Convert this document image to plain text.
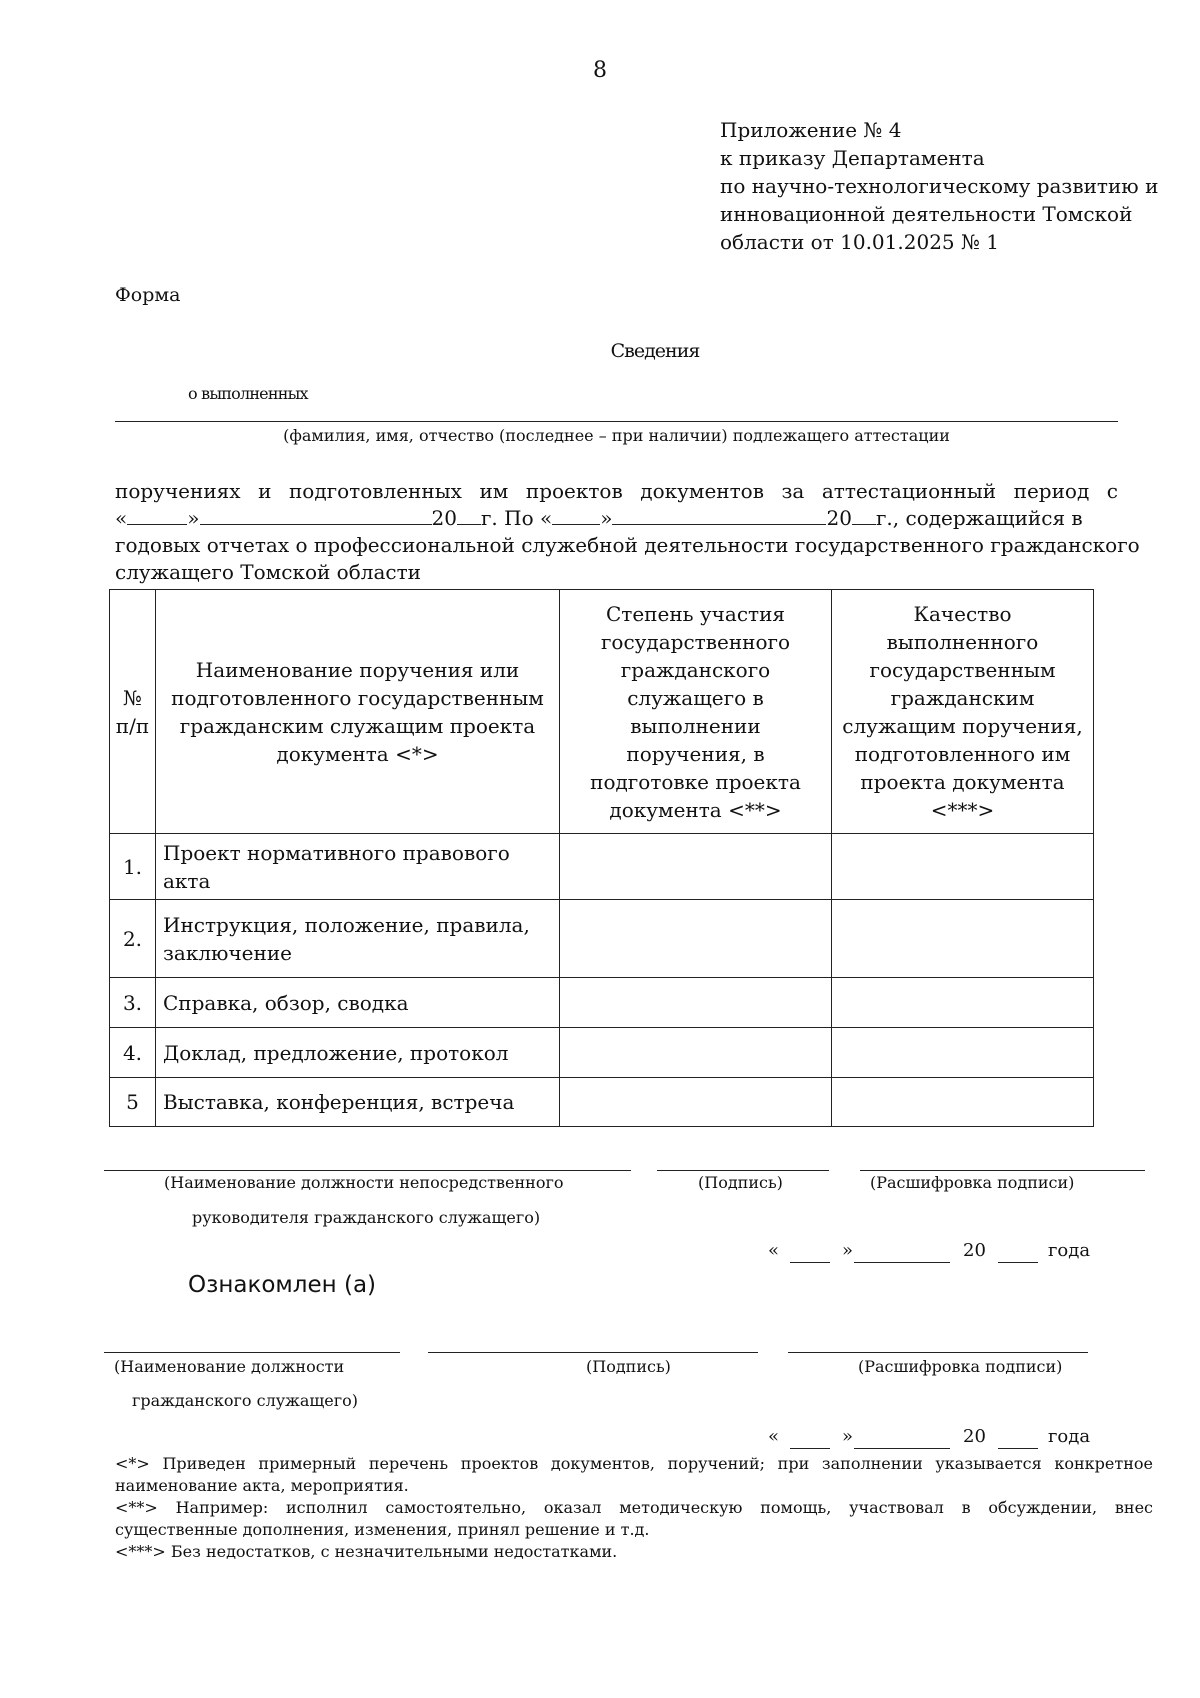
8
Приложение № 4
к приказу Департамента
по научно-технологическому развитию и
инновационной деятельности Томской
области от 10.01.2025 № 1
Форма
Сведения
о выполненных
(фамилия, имя, отчество (последнее – при наличии) подлежащего аттестации
поручениях и подготовленных им проектов документов за аттестационный период с
«	»	20 г. По « »	20 г., содержащийся в
годовых отчетах о профессиональной служебной деятельности государственного гражданского
служащего Томской области
№ п/п	Наименование поручения или подготовленного государственным гражданским служащим проекта документа <*>	Степень участия государственного гражданского служащего в выполнении поручения, в подготовке проекта документа <**>	Качество выполненного государственным гражданским служащим поручения, подготовленного им проекта документа <***>
1.	Проект нормативного правового акта		
2.	Инструкция, положение, правила, заключение		
3.	Справка, обзор, сводка		
4.	Доклад, предложение, протокол		
5	Выставка, конференция, встреча		
(Наименование должности непосредственного	(Подпись)	(Расшифровка подписи)
руководителя гражданского служащего)
«	»	20	года
Ознакомлен (а)
(Наименование должности	(Подпись)	(Расшифровка подписи)
гражданского служащего)
«	»	20	года
<*> Приведен примерный перечень проектов документов, поручений; при заполнении указывается конкретное
наименование акта, мероприятия.
<**> Например: исполнил самостоятельно, оказал методическую помощь, участвовал в обсуждении, внес
существенные дополнения, изменения, принял решение и т.д.
<***> Без недостатков, с незначительными недостатками.
